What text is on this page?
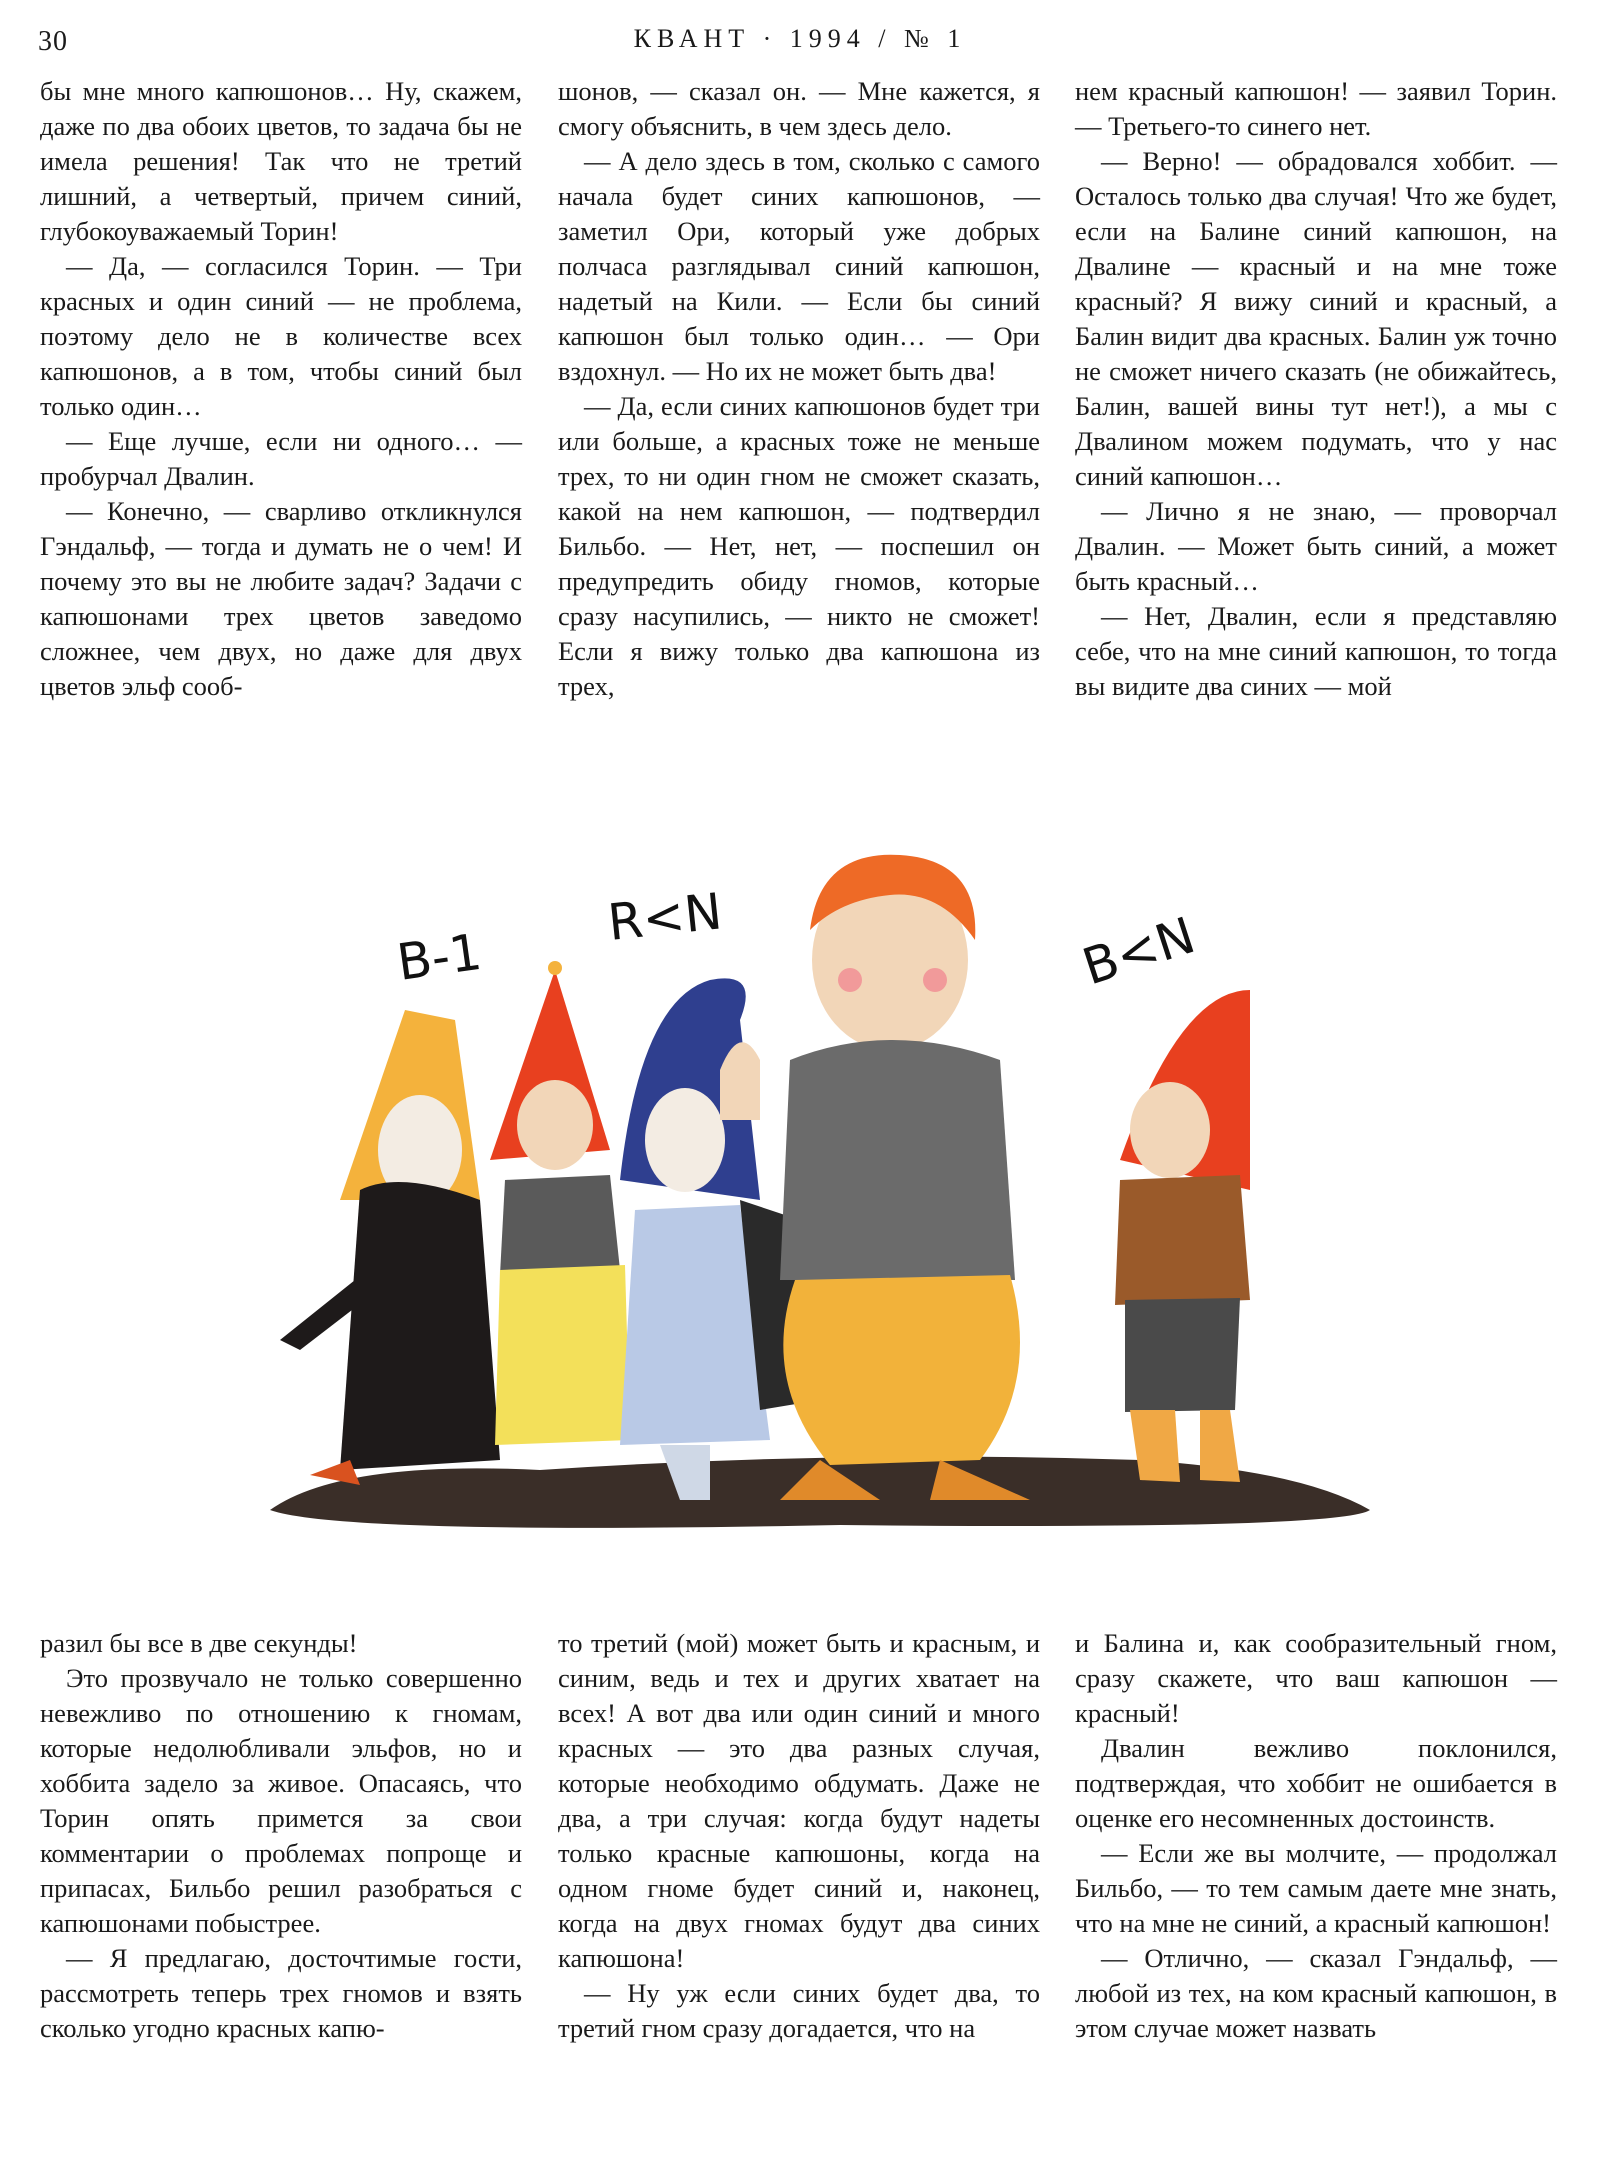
30	КВАНТ · 1994 / № 1

бы мне много капюшонов… Ну, скажем, даже по два обоих цветов, то задача бы не имела решения! Так что не третий лишний, а четвертый, причем синий, глубокоуважаемый Торин!

— Да, — согласился Торин. — Три красных и один синий — не проблема, поэтому дело не в количестве всех капюшонов, а в том, чтобы синий был только один…

— Еще лучше, если ни одного… — пробурчал Двалин.

— Конечно, — сварливо откликнулся Гэндальф, — тогда и думать не о чем! И почему это вы не любите задач? Задачи с капюшонами трех цветов заведомо сложнее, чем двух, но даже для двух цветов эльф сооб-

шонов, — сказал он. — Мне кажется, я смогу объяснить, в чем здесь дело.

— А дело здесь в том, сколько с самого начала будет синих капюшонов, — заметил Ори, который уже добрых полчаса разглядывал синий капюшон, надетый на Кили. — Если бы синий капюшон был только один… — Ори вздохнул. — Но их не может быть два!

— Да, если синих капюшонов будет три или больше, а красных тоже не меньше трех, то ни один гном не сможет сказать, какой на нем капюшон, — подтвердил Бильбо. — Нет, нет, — поспешил он предупредить обиду гномов, которые сразу насупились, — никто не сможет! Если я вижу только два капюшона из трех,

нем красный капюшон! — заявил Торин. — Третьего-то синего нет.

— Верно! — обрадовался хоббит. — Осталось только два случая! Что же будет, если на Балине синий капюшон, на Двалине — красный и на мне тоже красный? Я вижу синий и красный, а Балин видит два красных. Балин уж точно не сможет ничего сказать (не обижайтесь, Балин, вашей вины тут нет!), а мы с Двалином можем подумать, что у нас синий капюшон…

— Лично я не знаю, — проворчал Двалин. — Может быть синий, а может быть красный…

— Нет, Двалин, если я представляю себе, что на мне синий капюшон, то тогда вы видите два синих — мой

B-1
R<N	B<N

разил бы все в две секунды!

Это прозвучало не только совершенно невежливо по отношению к гномам, которые недолюбливали эльфов, но и хоббита задело за живое. Опасаясь, что Торин опять примется за свои комментарии о проблемах попроще и припасах, Бильбо решил разобраться с капюшонами побыстрее.

— Я предлагаю, досточтимые гости, рассмотреть теперь трех гномов и взять сколько угодно красных капю-

то третий (мой) может быть и красным, и синим, ведь и тех и других хватает на всех! А вот два или один синий и много красных — это два разных случая, которые необходимо обдумать. Даже не два, а три случая: когда будут надеты только красные капюшоны, когда на одном гноме будет синий и, наконец, когда на двух гномах будут два синих капюшона!

— Ну уж если синих будет два, то третий гном сразу догадается, что на

и Балина и, как сообразительный гном, сразу скажете, что ваш капюшон — красный!

Двалин вежливо поклонился, подтверждая, что хоббит не ошибается в оценке его несомненных достоинств.

— Если же вы молчите, — продолжал Бильбо, — то тем самым даете мне знать, что на мне не синий, а красный капюшон!

— Отлично, — сказал Гэндальф, — любой из тех, на ком красный капюшон, в этом случае может назвать
